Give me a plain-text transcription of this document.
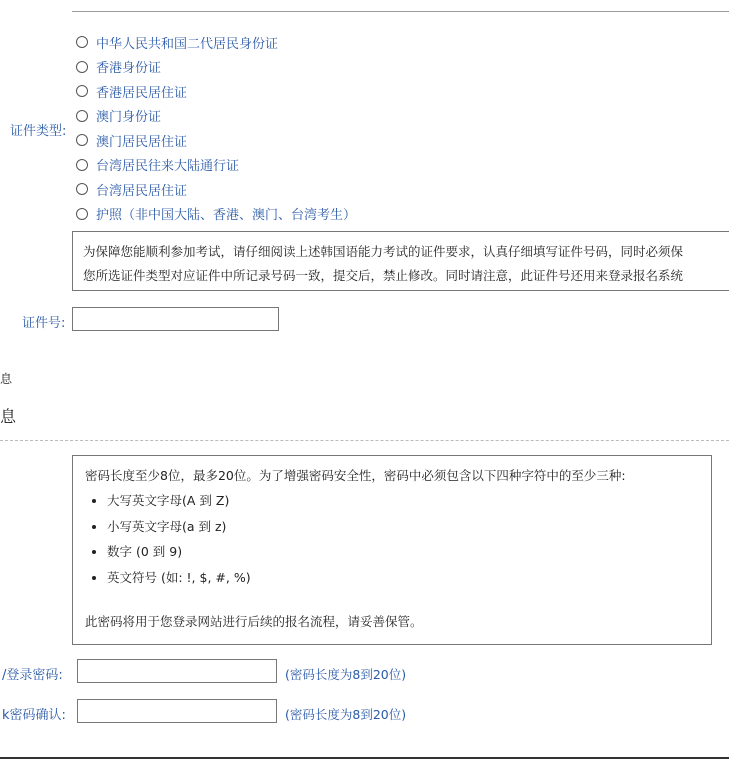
证件类型:
中华人民共和国二代居民身份证
香港身份证
香港居民居住证
澳门身份证
澳门居民居住证
台湾居民往来大陆通行证
台湾居民居住证
护照（非中国大陆、香港、澳门、台湾考生）
为保障您能顺利参加考试，请仔细阅读上述韩国语能力考试的证件要求，认真仔细填写证件号码，同时必须保
您所选证件类型对应证件中所记录号码一致，提交后，禁止修改。同时请注意，此证件号还用来登录报名系统
证件号:
息
息
密码长度至少8位，最多20位。为了增强密码安全性，密码中必须包含以下四种字符中的至少三种:
• 大写英文字母(A 到 Z)
• 小写英文字母(a 到 z)
• 数字 (0 到 9)
• 英文符号 (如: !, $, #, %)
此密码将用于您登录网站进行后续的报名流程，请妥善保管。
/登录密码:	(密码长度为8到20位)
k密码确认:	(密码长度为8到20位)
